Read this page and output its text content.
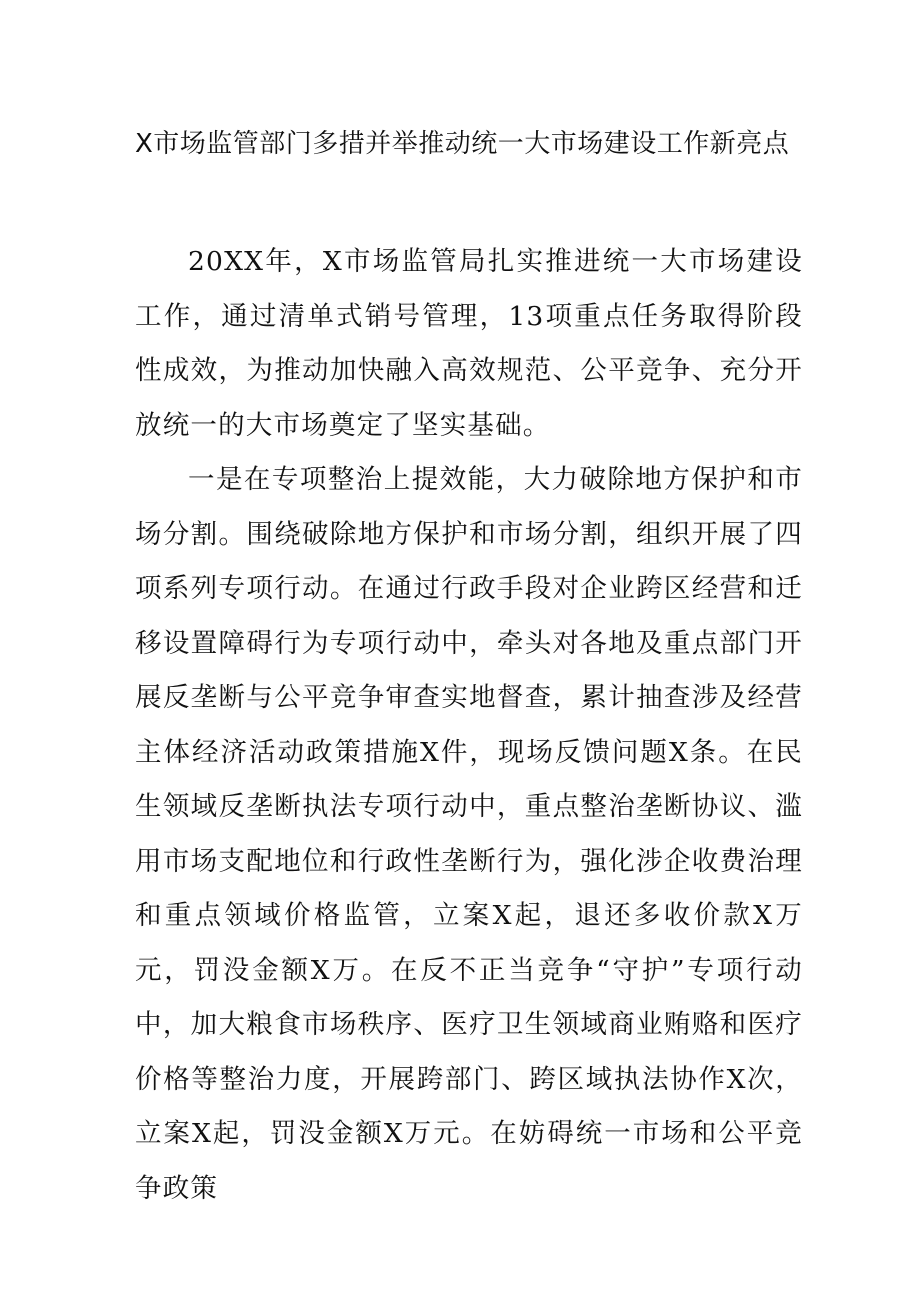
X市场监管部门多措并举推动统一大市场建设工作新亮点

20XX年，X市场监管局扎实推进统一大市场建设工作，通过清单式销号管理，13项重点任务取得阶段性成效，为推动加快融入高效规范、公平竞争、充分开放统一的大市场奠定了坚实基础。

一是在专项整治上提效能，大力破除地方保护和市场分割。围绕破除地方保护和市场分割，组织开展了四项系列专项行动。在通过行政手段对企业跨区经营和迁移设置障碍行为专项行动中，牵头对各地及重点部门开展反垄断与公平竞争审查实地督查，累计抽查涉及经营主体经济活动政策措施X件，现场反馈问题X条。在民生领域反垄断执法专项行动中，重点整治垄断协议、滥用市场支配地位和行政性垄断行为，强化涉企收费治理和重点领域价格监管，立案X起，退还多收价款X万元，罚没金额X万。在反不正当竞争“守护”专项行动中，加大粮食市场秩序、医疗卫生领域商业贿赂和医疗价格等整治力度，开展跨部门、跨区域执法协作X次，立案X起，罚没金额X万元。在妨碍统一市场和公平竞争政策
